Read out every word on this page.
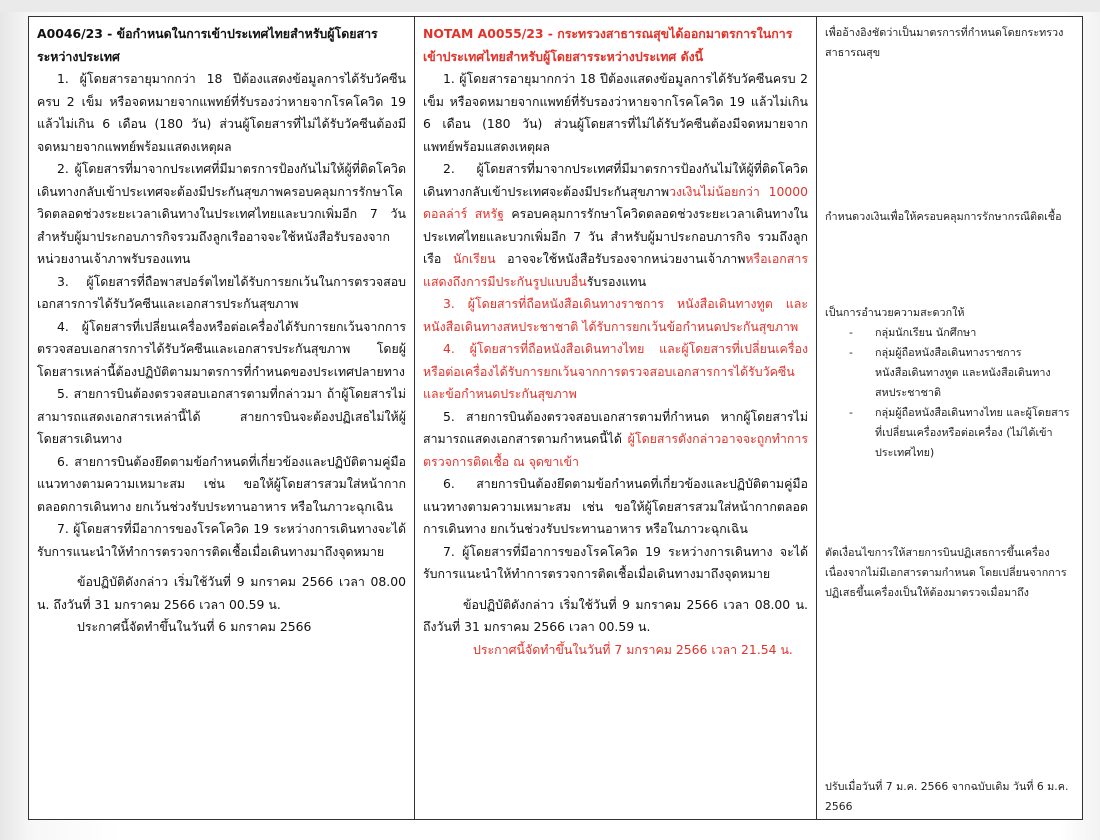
A0046/23 - ข้อกำหนดในการเข้าประเทศไทยสำหรับผู้โดยสารระหว่างประเทศ

1. ผู้โดยสารอายุมากกว่า 18 ปีต้องแสดงข้อมูลการได้รับวัคซีนครบ 2 เข็ม หรือจดหมายจากแพทย์ที่รับรองว่าหายจากโรคโควิด 19 แล้วไม่เกิน 6 เดือน (180 วัน) ส่วนผู้โดยสารที่ไม่ได้รับวัคซีนต้องมีจดหมายจากแพทย์พร้อมแสดงเหตุผล

2. ผู้โดยสารที่มาจากประเทศที่มีมาตรการป้องกันไม่ให้ผู้ที่ติดโควิดเดินทางกลับเข้าประเทศจะต้องมีประกันสุขภาพครอบคลุมการรักษาโควิดตลอดช่วงระยะเวลาเดินทางในประเทศไทยและบวกเพิ่มอีก 7 วัน สำหรับผู้มาประกอบภารกิจรวมถึงลูกเรืออาจจะใช้หนังสือรับรองจากหน่วยงานเจ้าภาพรับรองแทน

3. ผู้โดยสารที่ถือพาสปอร์ตไทยได้รับการยกเว้นในการตรวจสอบเอกสารการได้รับวัคซีนและเอกสารประกันสุขภาพ

4. ผู้โดยสารที่เปลี่ยนเครื่องหรือต่อเครื่องได้รับการยกเว้นจากการตรวจสอบเอกสารการได้รับวัคซีนและเอกสารประกันสุขภาพ โดยผู้โดยสารเหล่านี้ต้องปฏิบัติตามมาตรการที่กำหนดของประเทศปลายทาง

5. สายการบินต้องตรวจสอบเอกสารตามที่กล่าวมา ถ้าผู้โดยสารไม่สามารถแสดงเอกสารเหล่านี้ได้ สายการบินจะต้องปฏิเสธไม่ให้ผู้โดยสารเดินทาง

6. สายการบินต้องยึดตามข้อกำหนดที่เกี่ยวข้องและปฏิบัติตามคู่มือแนวทางตามความเหมาะสม เช่น ขอให้ผู้โดยสารสวมใส่หน้ากากตลอดการเดินทาง ยกเว้นช่วงรับประทานอาหาร หรือในภาวะฉุกเฉิน

7. ผู้โดยสารที่มีอาการของโรคโควิด 19 ระหว่างการเดินทางจะได้รับการแนะนำให้ทำการตรวจการติดเชื้อเมื่อเดินทางมาถึงจุดหมาย

ข้อปฏิบัติดังกล่าว เริ่มใช้วันที่ 9 มกราคม 2566 เวลา 08.00 น. ถึงวันที่ 31 มกราคม 2566 เวลา 00.59 น.

ประกาศนี้จัดทำขึ้นในวันที่ 6 มกราคม 2566

NOTAM A0055/23 - กระทรวงสาธารณสุขได้ออกมาตรการในการเข้าประเทศไทยสำหรับผู้โดยสารระหว่างประเทศ ดังนี้

1. ผู้โดยสารอายุมากกว่า 18 ปีต้องแสดงข้อมูลการได้รับวัคซีนครบ 2 เข็ม หรือจดหมายจากแพทย์ที่รับรองว่าหายจากโรคโควิด 19 แล้วไม่เกิน 6 เดือน (180 วัน) ส่วนผู้โดยสารที่ไม่ได้รับวัคซีนต้องมีจดหมายจากแพทย์พร้อมแสดงเหตุผล

2. ผู้โดยสารที่มาจากประเทศที่มีมาตรการป้องกันไม่ให้ผู้ที่ติดโควิดเดินทางกลับเข้าประเทศจะต้องมีประกันสุขภาพวงเงินไม่น้อยกว่า 10000 ดอลล่าร์ สหรัฐ ครอบคลุมการรักษาโควิดตลอดช่วงระยะเวลาเดินทางในประเทศไทยและบวกเพิ่มอีก 7 วัน สำหรับผู้มาประกอบภารกิจ รวมถึงลูกเรือ นักเรียน อาจจะใช้หนังสือรับรองจากหน่วยงานเจ้าภาพหรือเอกสารแสดงถึงการมีประกันรูปแบบอื่นรับรองแทน

3. ผู้โดยสารที่ถือหนังสือเดินทางราชการ หนังสือเดินทางทูต และหนังสือเดินทางสหประชาชาติ ได้รับการยกเว้นข้อกำหนดประกันสุขภาพ

4. ผู้โดยสารที่ถือหนังสือเดินทางไทย และผู้โดยสารที่เปลี่ยนเครื่องหรือต่อเครื่องได้รับการยกเว้นจากการตรวจสอบเอกสารการได้รับวัคซีนและข้อกำหนดประกันสุขภาพ

5. สายการบินต้องตรวจสอบเอกสารตามที่กำหนด หากผู้โดยสารไม่สามารถแสดงเอกสารตามกำหนดนี้ได้ ผู้โดยสารดังกล่าวอาจจะถูกทำการตรวจการติดเชื้อ ณ จุดขาเข้า

6. สายการบินต้องยึดตามข้อกำหนดที่เกี่ยวข้องและปฏิบัติตามคู่มือแนวทางตามความเหมาะสม เช่น ขอให้ผู้โดยสารสวมใส่หน้ากากตลอดการเดินทาง ยกเว้นช่วงรับประทานอาหาร หรือในภาวะฉุกเฉิน

7. ผู้โดยสารที่มีอาการของโรคโควิด 19 ระหว่างการเดินทาง จะได้รับการแนะนำให้ทำการตรวจการติดเชื้อเมื่อเดินทางมาถึงจุดหมาย

ข้อปฏิบัติดังกล่าว เริ่มใช้วันที่ 9 มกราคม 2566 เวลา 08.00 น. ถึงวันที่ 31 มกราคม 2566 เวลา 00.59 น.

ประกาศนี้จัดทำขึ้นในวันที่ 7 มกราคม 2566 เวลา 21.54 น.

เพื่ออ้างอิงชัดว่าเป็นมาตรการที่กำหนดโดยกระทรวงสาธารณสุข

กำหนดวงเงินเพื่อให้ครอบคลุมการรักษากรณีติดเชื้อ

เป็นการอำนวยความสะดวกให้

- กลุ่มนักเรียน นักศึกษา
- กลุ่มผู้ถือหนังสือเดินทางราชการ หนังสือเดินทางทูต และหนังสือเดินทางสหประชาชาติ
- กลุ่มผู้ถือหนังสือเดินทางไทย และผู้โดยสารที่เปลี่ยนเครื่องหรือต่อเครื่อง (ไม่ได้เข้าประเทศไทย)

ตัดเงื่อนไขการให้สายการบินปฏิเสธการขึ้นเครื่องเนื่องจากไม่มีเอกสารตามกำหนด โดยเปลี่ยนจากการปฏิเสธขึ้นเครื่องเป็นให้ต้องมาตรวจเมื่อมาถึง

ปรับเมื่อวันที่ 7 ม.ค. 2566 จากฉบับเดิม วันที่ 6 ม.ค. 2566
